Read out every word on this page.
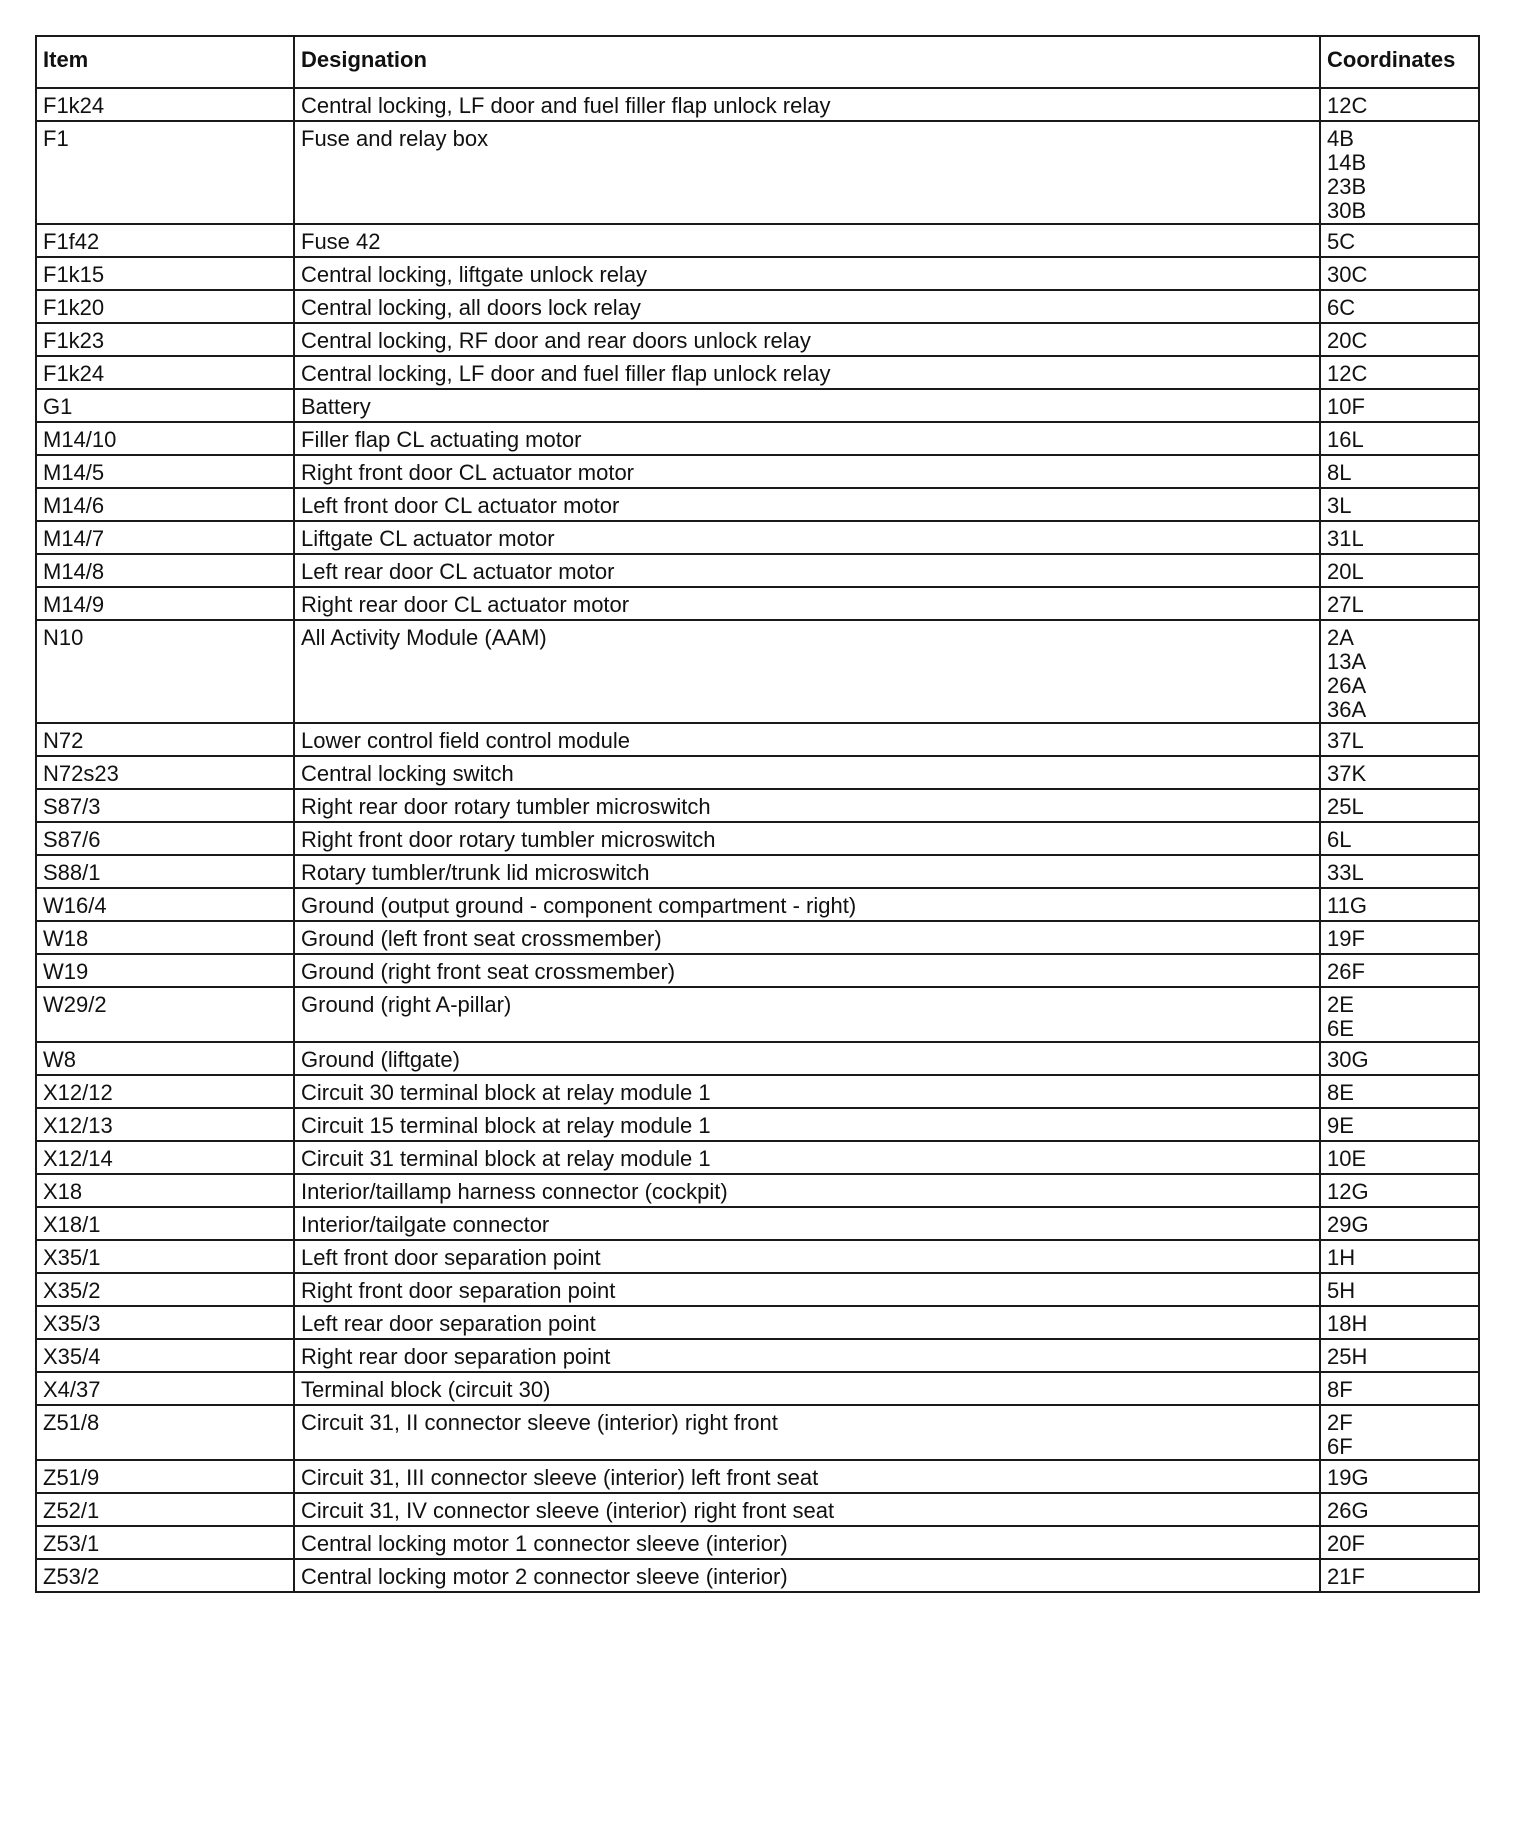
Item	Designation	Coordinates
F1k24	Central locking, LF door and fuel filler flap unlock relay	12C

F1	Fuse and relay box	4B
14B
23B
30B

F1f42	Fuse 42	5C

F1k15	Central locking, liftgate unlock relay	30C

F1k20	Central locking, all doors lock relay	6C

F1k23	Central locking, RF door and rear doors unlock relay	20C

F1k24	Central locking, LF door and fuel filler flap unlock relay	12C

G1	Battery	10F

M14/10	Filler flap CL actuating motor	16L

M14/5	Right front door CL actuator motor	8L

M14/6	Left front door CL actuator motor	3L

M14/7	Liftgate CL actuator motor	31L

M14/8	Left rear door CL actuator motor	20L

M14/9	Right rear door CL actuator motor	27L

N10	All Activity Module (AAM)	2A
13A
26A
36A

N72	Lower control field control module	37L

N72s23	Central locking switch	37K

S87/3	Right rear door rotary tumbler microswitch	25L

S87/6	Right front door rotary tumbler microswitch	6L

S88/1	Rotary tumbler/trunk lid microswitch	33L

W16/4	Ground (output ground - component compartment - right)	11G

W18	Ground (left front seat crossmember)	19F

W19	Ground (right front seat crossmember)	26F

W29/2	Ground (right A-pillar)	2E
6E

W8	Ground (liftgate)	30G

X12/12	Circuit 30 terminal block at relay module 1	8E

X12/13	Circuit 15 terminal block at relay module 1	9E

X12/14	Circuit 31 terminal block at relay module 1	10E

X18	Interior/taillamp harness connector (cockpit)	12G

X18/1	Interior/tailgate connector	29G

X35/1	Left front door separation point	1H

X35/2	Right front door separation point	5H

X35/3	Left rear door separation point	18H

X35/4	Right rear door separation point	25H

X4/37	Terminal block (circuit 30)	8F

Z51/8	Circuit 31, II connector sleeve (interior) right front	2F
6F

Z51/9	Circuit 31, III connector sleeve (interior) left front seat	19G

Z52/1	Circuit 31, IV connector sleeve (interior) right front seat	26G

Z53/1	Central locking motor 1 connector sleeve (interior)	20F

Z53/2	Central locking motor 2 connector sleeve (interior)	21F
